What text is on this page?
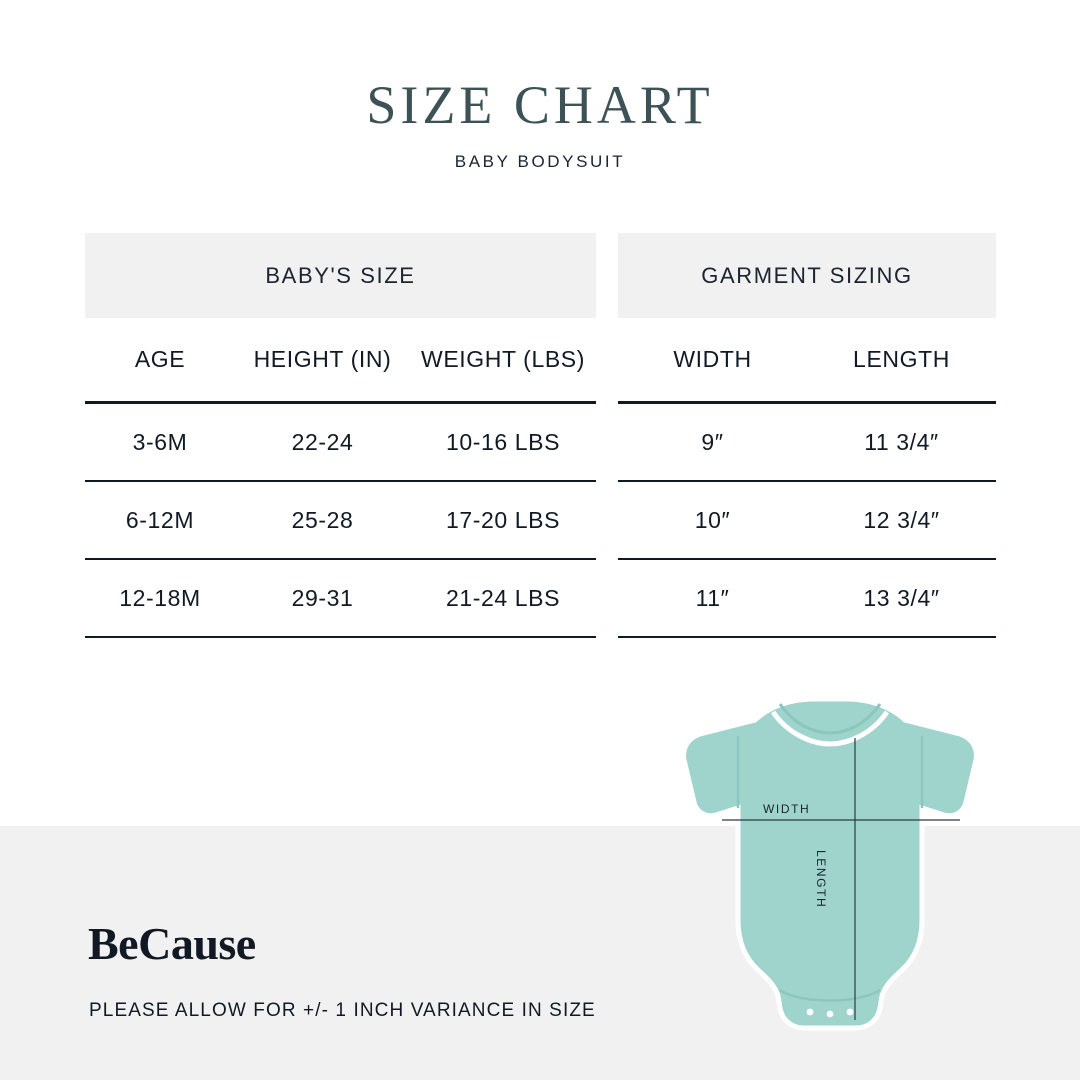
SIZE CHART
BABY BODYSUIT
BABY'S SIZE
AGE	HEIGHT (IN)	WEIGHT (LBS)
3-6M	22-24	10-16 LBS
6-12M	25-28	17-20 LBS
12-18M	29-31	21-24 LBS
GARMENT SIZING
WIDTH	LENGTH
9″	11 3/4″
10″	12 3/4″
11″	13 3/4″
BeCause
PLEASE ALLOW FOR +/- 1 INCH VARIANCE IN SIZE
WIDTH
LENGTH
